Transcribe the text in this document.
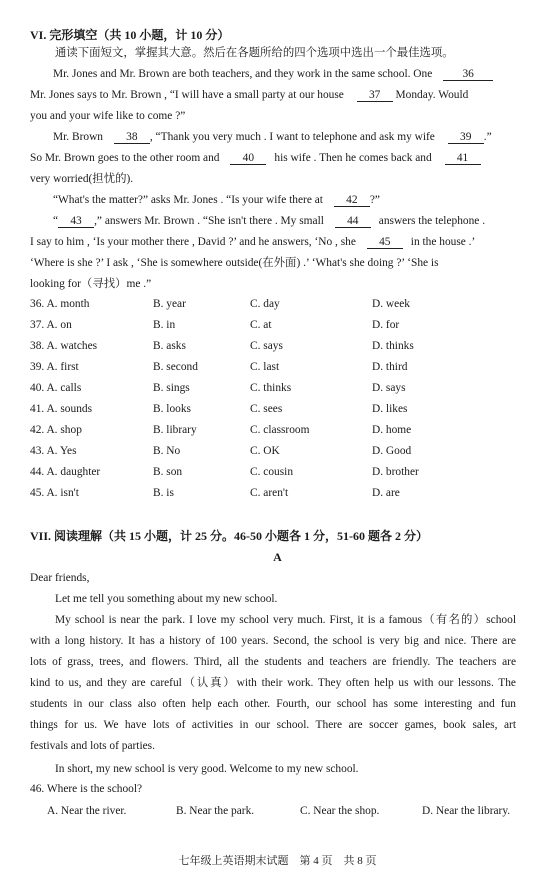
VI. 完形填空（共 10 小题，计 10 分）
通读下面短文，掌握其大意。然后在各题所给的四个选项中选出一个最佳选项。
Mr. Jones and Mr. Brown are both teachers, and they work in the same school. One	36
Mr. Jones says to Mr. Brown , “I will have a small party at our house 37 Monday. Would
you and your wife like to come ?”
Mr. Brown 38 , “Thank you very much . I want to telephone and ask my wife 39 .”
So Mr. Brown goes to the other room and 40 his wife . Then he comes back and 41
very worried(担忧的).
“What's the matter?” asks Mr. Jones . “Is your wife there at 42 ?”
“ 43 ,” answers Mr. Brown . “She isn't there . My small 44 answers the telephone .
I say to him , ‘Is your mother there , David ?’ and he answers, ‘No , she 45 in the house .’
‘Where is she ?’ I ask , ‘She is somewhere outside(在外面) .’ ‘What's she doing ?’ ‘She is
looking for（寻找）me .”
36. A. month	B. year	C. day	D. week
37. A. on	B. in	C. at	D. for
38. A. watches	B. asks	C. says	D. thinks
39. A. first	B. second	C. last	D. third
40. A. calls	B. sings	C. thinks	D. says
41. A. sounds	B. looks	C. sees	D. likes
42. A. shop	B. library	C. classroom	D. home
43. A. Yes	B. No	C. OK	D. Good
44. A. daughter	B. son	C. cousin	D. brother
45. A. isn't	B. is	C. aren't	D. are
VII. 阅读理解（共 15 小题，计 25 分。46-50 小题各 1 分，51-60 题各 2 分）
A
Dear friends,
Let me tell you something about my new school.
My school is near the park. I love my school very much. First, it is a famous（有名的）school
with a long history. It has a history of 100 years. Second, the school is very big and nice. There are
lots of grass, trees, and flowers. Third, all the students and teachers are friendly. The teachers are
kind to us, and they are careful（认真）with their work. They often help us with our lessons. The
students in our class also often help each other. Fourth, our school has some interesting and fun
things for us. We have lots of activities in our school. There are soccer games, book sales, art
festivals and lots of parties.
In short, my new school is very good. Welcome to my new school.
46. Where is the school?
A. Near the river.	B. Near the park.	C. Near the shop.	D. Near the library.
七年级上英语期末试题　第 4 页　共 8 页
